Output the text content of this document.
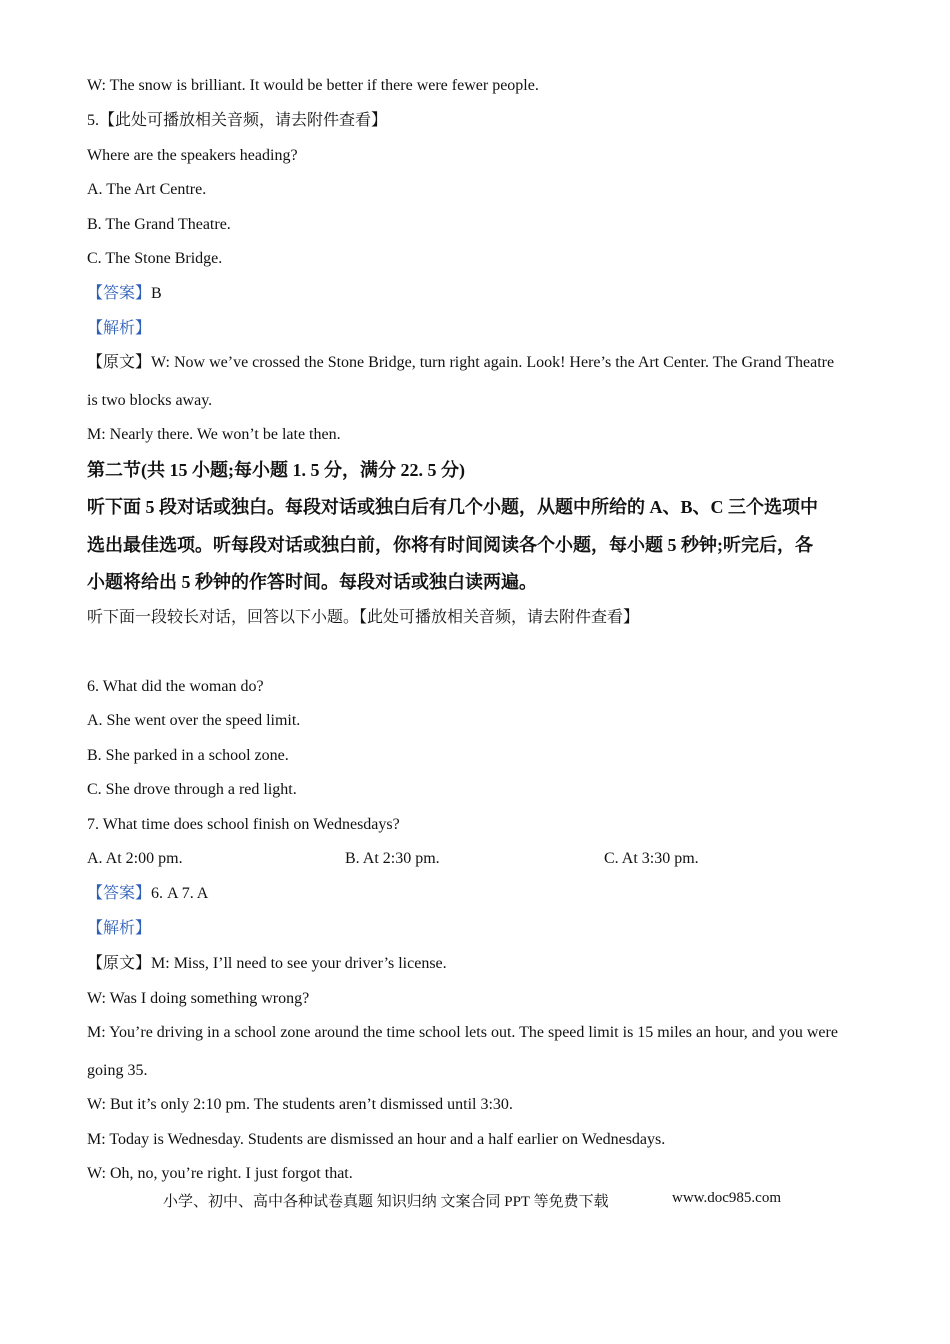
W: The snow is brilliant. It would be better if there were fewer people.
5.【此处可播放相关音频，请去附件查看】
Where are the speakers heading?
A. The Art Centre.
B. The Grand Theatre.
C. The Stone Bridge.
【答案】B
【解析】
【原文】W: Now we’ve crossed the Stone Bridge, turn right again. Look! Here’s the Art Center. The Grand Theatre
is two blocks away.
M: Nearly there. We won’t be late then.
第二节(共 15 小题;每小题 1. 5 分，满分 22. 5 分)
听下面 5 段对话或独白。每段对话或独白后有几个小题，从题中所给的 A、B、C 三个选项中
选出最佳选项。听每段对话或独白前，你将有时间阅读各个小题，每小题 5 秒钟;听完后，各
小题将给出 5 秒钟的作答时间。每段对话或独白读两遍。
听下面一段较长对话，回答以下小题。【此处可播放相关音频，请去附件查看】
6. What did the woman do?
A. She went over the speed limit.
B. She parked in a school zone.
C. She drove through a red light.
7. What time does school finish on Wednesdays?
A. At 2:00 pm.	B. At 2:30 pm.	C. At 3:30 pm.
【答案】6. A 7. A
【解析】
【原文】M: Miss, I’ll need to see your driver’s license.
W: Was I doing something wrong?
M: You’re driving in a school zone around the time school lets out. The speed limit is 15 miles an hour, and you were
going 35.
W: But it’s only 2:10 pm. The students aren’t dismissed until 3:30.
M: Today is Wednesday. Students are dismissed an hour and a half earlier on Wednesdays.
W: Oh, no, you’re right. I just forgot that.
小学、初中、高中各种试卷真题 知识归纳 文案合同 PPT 等免费下载	www.doc985.com
